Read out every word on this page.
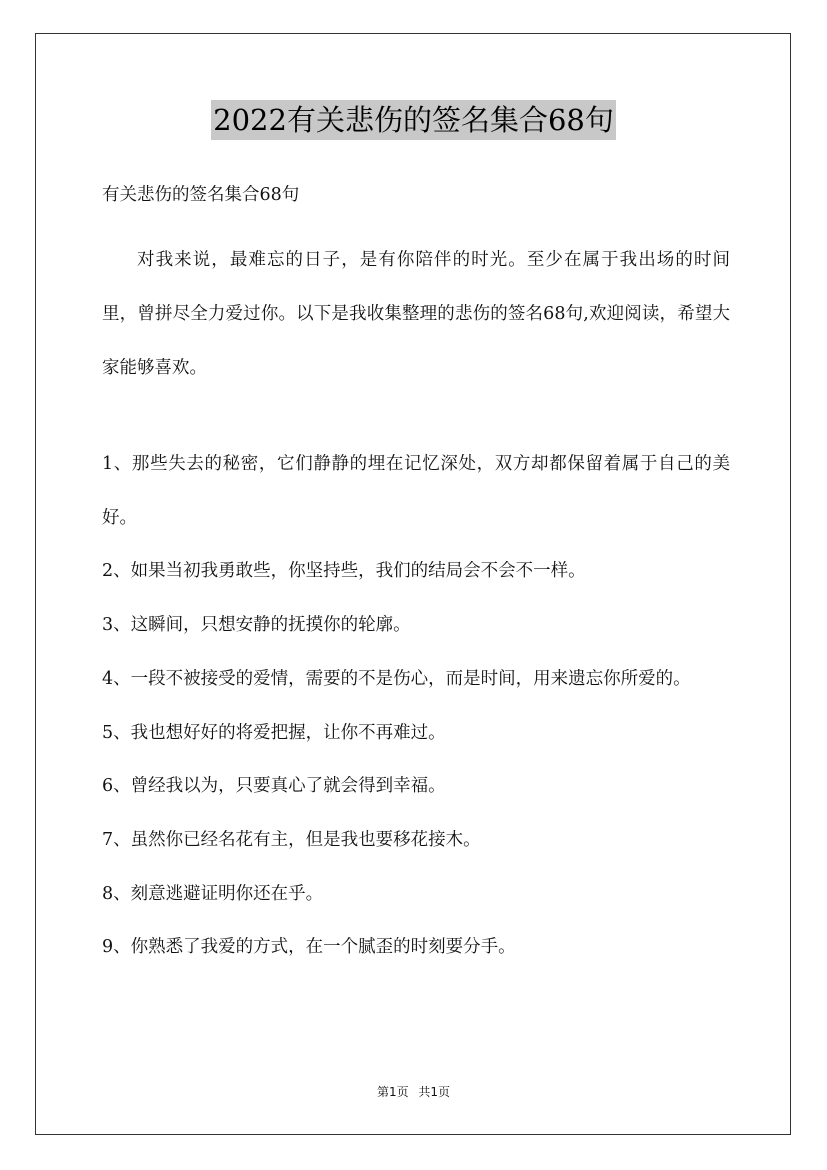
2022有关悲伤的签名集合68句
有关悲伤的签名集合68句
对我来说，最难忘的日子，是有你陪伴的时光。至少在属于我出场的时间里，曾拼尽全力爱过你。以下是我收集整理的悲伤的签名68句,欢迎阅读，希望大家能够喜欢。
1、那些失去的秘密，它们静静的埋在记忆深处，双方却都保留着属于自己的美好。
2、如果当初我勇敢些，你坚持些，我们的结局会不会不一样。
3、这瞬间，只想安静的抚摸你的轮廓。
4、一段不被接受的爱情，需要的不是伤心，而是时间，用来遗忘你所爱的。
5、我也想好好的将爱把握，让你不再难过。
6、曾经我以为，只要真心了就会得到幸福。
7、虽然你已经名花有主，但是我也要移花接木。
8、刻意逃避证明你还在乎。
9、你熟悉了我爱的方式，在一个腻歪的时刻要分手。
第1页 共1页
